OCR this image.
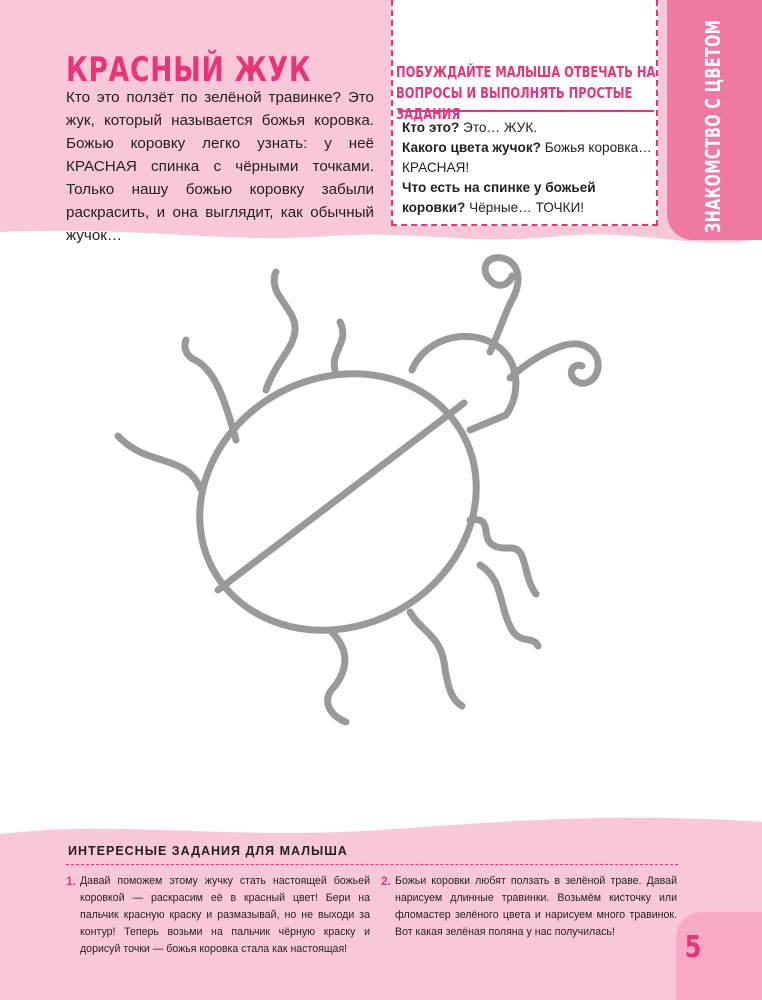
КРАСНЫЙ ЖУК
Кто это ползёт по зелёной травинке? Это жук, который называется божья коровка. Божью коровку легко узнать: у неё КРАСНАЯ спинка с чёрными точками. Только нашу божью коровку забыли раскрасить, и она выглядит, как обычный жучок…
ПОБУЖДАЙТЕ МАЛЫША ОТВЕЧАТЬ НА ВОПРОСЫ И ВЫПОЛНЯТЬ ПРОСТЫЕ ЗАДАНИЯ
Кто это? Это… ЖУК.
Какого цвета жучок? Божья коровка… КРАСНАЯ!
Что есть на спинке у божьей коровки? Чёрные… ТОЧКИ!	ЗНАКОМСТВО С ЦВЕТОМ
ИНТЕРЕСНЫЕ ЗАДАНИЯ ДЛЯ МАЛЫША
1. Давай поможем этому жучку стать настоящей божьей коровкой — раскрасим её в красный цвет! Бери на пальчик красную краску и размазывай, но не выходи за контур! Теперь возьми на пальчик чёрную краску и дорисуй точки — божья коровка стала как настоящая!
2. Божьи коровки любят ползать в зелёной траве. Давай нарисуем длинные травинки. Возьмём кисточку или фломастер зелёного цвета и нарисуем много травинок. Вот какая зелёная поляна у нас получилась!	5
